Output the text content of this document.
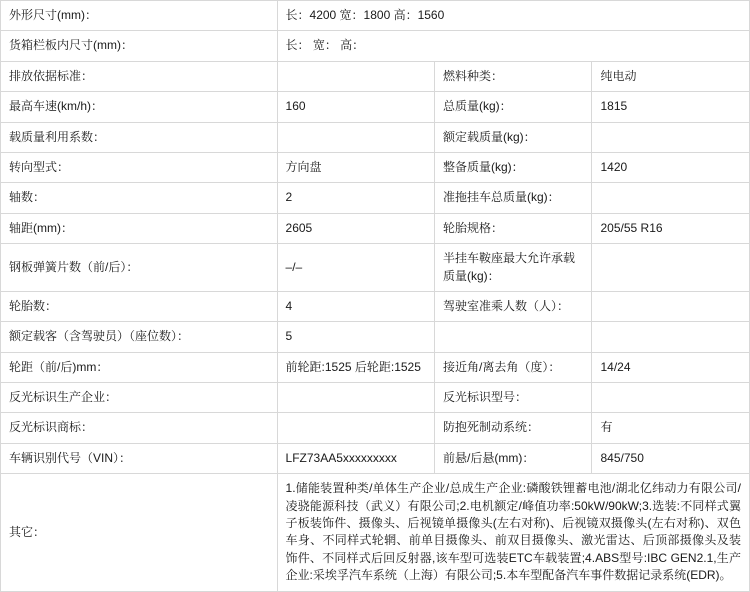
外形尺寸(mm)：	长：4200 宽：1800 高：1560		
货箱栏板内尺寸(mm)：	长： 宽： 高：		
排放依据标准：		燃料种类：	纯电动
最高车速(km/h)：	160	总质量(kg)：	1815
载质量利用系数：		额定载质量(kg)：	
转向型式：	方向盘	整备质量(kg)：	1420
轴数：	2	准拖挂车总质量(kg)：	
轴距(mm)：	2605	轮胎规格：	205/55 R16
钢板弹簧片数（前/后）：	–/–	半挂车鞍座最大允许承载质量(kg)：	
轮胎数：	4	驾驶室准乘人数（人）：	
额定载客（含驾驶员）（座位数）：	5		
轮距（前/后)mm：	前轮距:1525 后轮距:1525	接近角/离去角（度）：	14/24
反光标识生产企业：		反光标识型号：	
反光标识商标：		防抱死制动系统：	有
车辆识别代号（VIN）：	LFZ73AA5xxxxxxxxx	前悬/后悬(mm)：	845/750
其它：	1.储能装置种类/单体生产企业/总成生产企业:磷酸铁锂蓄电池/湖北亿纬动力有限公司/凌骁能源科技（武义）有限公司;2.电机额定/峰值功率:50kW/90kW;3.选装:不同样式翼子板装饰件、摄像头、后视镜单摄像头(左右对称)、后视镜双摄像头(左右对称)、双色车身、不同样式轮辋、前单目摄像头、前双目摄像头、激光雷达、后顶部摄像头及装饰件、不同样式后回反射器,该车型可选装ETC车载装置;4.ABS型号:IBC GEN2.1,生产企业:采埃孚汽车系统（上海）有限公司;5.本车型配备汽车事件数据记录系统(EDR)。		
